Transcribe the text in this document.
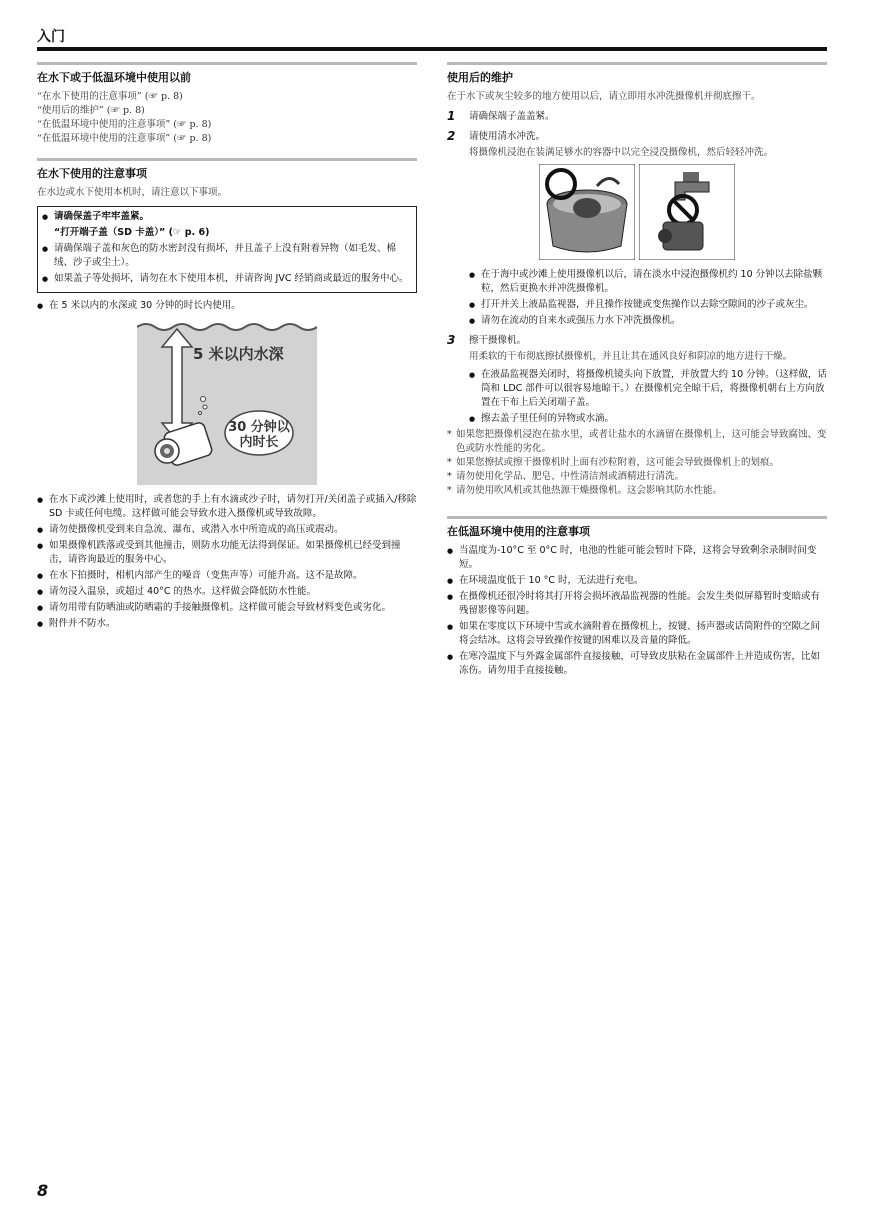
入门
在水下或于低温环境中使用以前
“在水下使用的注意事项” (☞ p. 8)
“使用后的维护” (☞ p. 8)
“在低温环境中使用的注意事项” (☞ p. 8)
“在低温环境中使用的注意事项” (☞ p. 8)
在水下使用的注意事项
在水边或水下使用本机时，请注意以下事项。
● 请确保盖子牢牢盖紧。
“打开端子盖（SD 卡盖）” (☞ p. 6)
● 请确保端子盖和灰色的防水密封没有损坏，并且盖子上没有附着异物（如毛发、棉绒、沙子或尘土）。
● 如果盖子等处损坏，请勿在水下使用本机，并请咨询 JVC 经销商或最近的服务中心。
● 在 5 米以内的水深或 30 分钟的时长内使用。
5 米以内水深
30 分钟以
内时长
● 在水下或沙滩上使用时，或者您的手上有水滴或沙子时，请勿打开/关闭盖子或插入/移除 SD 卡或任何电缆。这样做可能会导致水进入摄像机或导致故障。
● 请勿使摄像机受到来自急流、瀑布、或潜入水中所造成的高压或震动。
● 如果摄像机跌落或受到其他撞击，则防水功能无法得到保证。如果摄像机已经受到撞击，请咨询最近的服务中心。
● 在水下拍摄时，相机内部产生的噪音（变焦声等）可能升高。这不是故障。
● 请勿浸入温泉，或超过 40°C 的热水。这样做会降低防水性能。
● 请勿用带有防晒油或防晒霜的手接触摄像机。这样做可能会导致材料变色或劣化。
● 附件并不防水。
使用后的维护
在于水下或灰尘较多的地方使用以后，请立即用水冲洗摄像机并彻底擦干。
1 请确保端子盖盖紧。
2 请使用清水冲洗。
将摄像机浸泡在装满足够水的容器中以完全浸没摄像机，然后轻轻冲洗。
● 在于海中或沙滩上使用摄像机以后，请在淡水中浸泡摄像机约 10 分钟以去除盐颗粒，然后更换水并冲洗摄像机。
● 打开并关上液晶监视器，并且操作按键或变焦操作以去除空隙间的沙子或灰尘。
● 请勿在流动的自来水或强压力水下冲洗摄像机。
3 擦干摄像机。
用柔软的干布彻底擦拭摄像机，并且让其在通风良好和阴凉的地方进行干燥。
● 在液晶监视器关闭时，将摄像机镜头向下放置，并放置大约 10 分钟。（这样做，话筒和 LDC 部件可以很容易地晾干。）在摄像机完全晾干后，将摄像机朝右上方向放置在干布上后关闭端子盖。
● 擦去盖子里任何的异物或水滴。
* 如果您把摄像机浸泡在盐水里，或者让盐水的水滴留在摄像机上，这可能会导致腐蚀、变色或防水性能的劣化。
* 如果您擦拭或擦干摄像机时上面有沙粒附着，这可能会导致摄像机上的划痕。
* 请勿使用化学品、肥皂、中性清洁剂或酒精进行清洗。
* 请勿使用吹风机或其他热源干燥摄像机。这会影响其防水性能。
在低温环境中使用的注意事项
● 当温度为-10°C 至 0°C 时，电池的性能可能会暂时下降，这将会导致剩余录制时间变短。
● 在环境温度低于 10 °C 时，无法进行充电。
● 在摄像机还很冷时将其打开将会损坏液晶监视器的性能。会发生类似屏幕暂时变暗或有残留影像等问题。
● 如果在零度以下环境中雪或水滴附着在摄像机上，按键、扬声器或话筒附件的空隙之间将会结冰。这将会导致操作按键的困难以及音量的降低。
● 在寒冷温度下与外露金属部件直接接触，可导致皮肤粘在金属部件上并造成伤害，比如冻伤。请勿用手直接接触。
8
